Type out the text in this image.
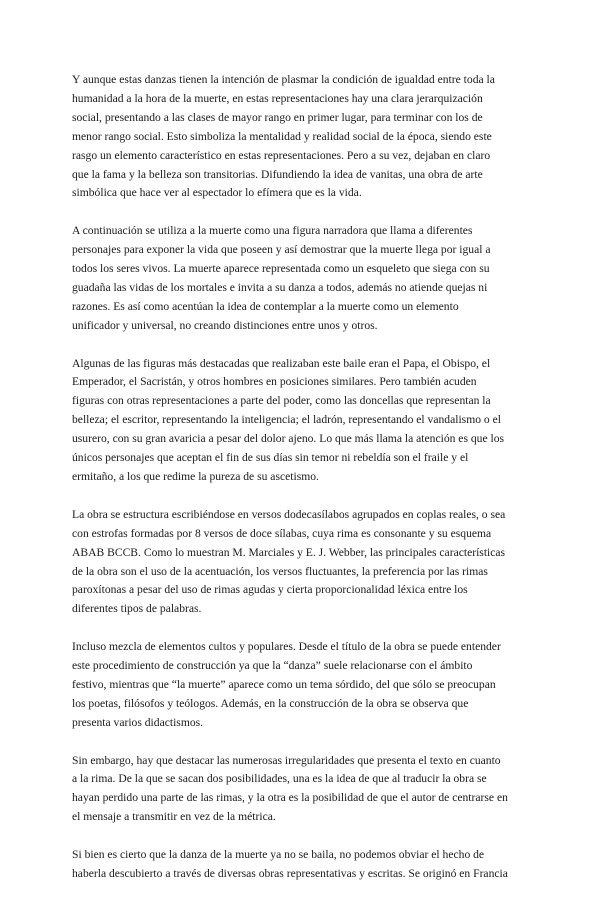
Y aunque estas danzas tienen la intención de plasmar la condición de igualdad entre toda la
humanidad a la hora de la muerte, en estas representaciones hay una clara jerarquización
social, presentando a las clases de mayor rango en primer lugar, para terminar con los de
menor rango social. Esto simboliza la mentalidad y realidad social de la época, siendo este
rasgo un elemento característico en estas representaciones. Pero a su vez, dejaban en claro
que la fama y la belleza son transitorias. Difundiendo la idea de vanitas, una obra de arte
simbólica que hace ver al espectador lo efímera que es la vida.

A continuación se utiliza a la muerte como una figura narradora que llama a diferentes
personajes para exponer la vida que poseen y así demostrar que la muerte llega por igual a
todos los seres vivos. La muerte aparece representada como un esqueleto que siega con su
guadaña las vidas de los mortales e invita a su danza a todos, además no atiende quejas ni
razones. Es así como acentúan la idea de contemplar a la muerte como un elemento
unificador y universal, no creando distinciones entre unos y otros.

Algunas de las figuras más destacadas que realizaban este baile eran el Papa, el Obispo, el
Emperador, el Sacristán, y otros hombres en posiciones similares. Pero también acuden
figuras con otras representaciones a parte del poder, como las doncellas que representan la
belleza; el escritor, representando la inteligencia; el ladrón, representando el vandalismo o el
usurero, con su gran avaricia a pesar del dolor ajeno. Lo que más llama la atención es que los
únicos personajes que aceptan el fin de sus días sin temor ni rebeldía son el fraile y el
ermitaño, a los que redime la pureza de su ascetismo.

La obra se estructura escribiéndose en versos dodecasílabos agrupados en coplas reales, o sea
con estrofas formadas por 8 versos de doce sílabas, cuya rima es consonante y su esquema
ABAB BCCB. Como lo muestran M. Marciales y E. J. Webber, las principales características
de la obra son el uso de la acentuación, los versos fluctuantes, la preferencia por las rimas
paroxítonas a pesar del uso de rimas agudas y cierta proporcionalidad léxica entre los
diferentes tipos de palabras.

Incluso mezcla de elementos cultos y populares. Desde el título de la obra se puede entender
este procedimiento de construcción ya que la “danza” suele relacionarse con el ámbito
festivo, mientras que “la muerte” aparece como un tema sórdido, del que sólo se preocupan
los poetas, filósofos y teólogos. Además, en la construcción de la obra se observa que
presenta varios didactismos.

Sin embargo, hay que destacar las numerosas irregularidades que presenta el texto en cuanto
a la rima. De la que se sacan dos posibilidades, una es la idea de que al traducir la obra se
hayan perdido una parte de las rimas, y la otra es la posibilidad de que el autor de centrarse en
el mensaje a transmitir en vez de la métrica.

Si bien es cierto que la danza de la muerte ya no se baila, no podemos obviar el hecho de
haberla descubierto a través de diversas obras representativas y escritas. Se originó en Francia
